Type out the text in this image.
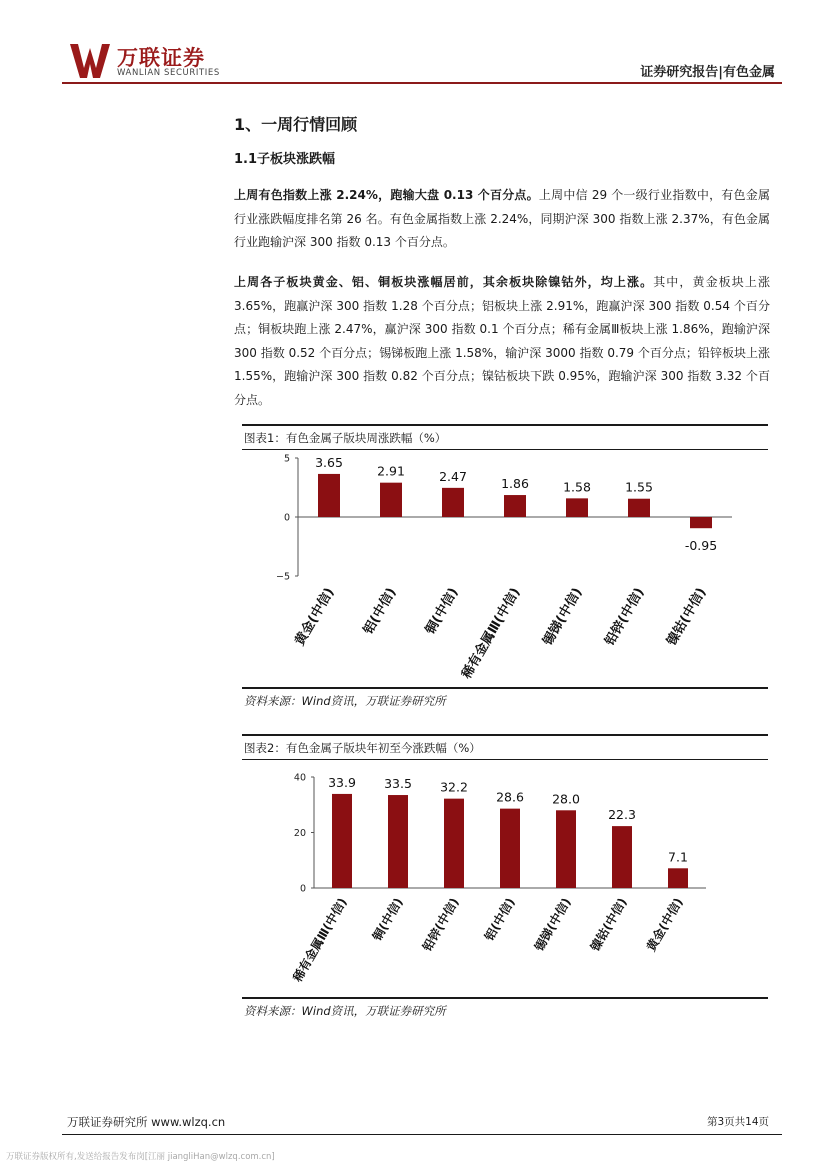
万联证券
WANLIAN SECURITIES	证券研究报告|有色金属
1、一周行情回顾
1.1子板块涨跌幅
上周有色指数上涨 2.24%，跑输大盘 0.13 个百分点。上周中信 29 个一级行业指数中，有色金属行业涨跌幅度排名第 26 名。有色金属指数上涨 2.24%，同期沪深 300 指数上涨 2.37%，有色金属行业跑输沪深 300 指数 0.13 个百分点。
上周各子板块黄金、铝、铜板块涨幅居前，其余板块除镍钴外，均上涨。其中，黄金板块上涨 3.65%，跑赢沪深 300 指数 1.28 个百分点；铝板块上涨 2.91%，跑赢沪深 300 指数 0.54 个百分点；铜板块跑上涨 2.47%，赢沪深 300 指数 0.1 个百分点；稀有金属Ⅲ板块上涨 1.86%，跑输沪深 300 指数 0.52 个百分点；锡锑板跑上涨 1.58%，输沪深 3000 指数 0.79 个百分点；铅锌板块上涨 1.55%，跑输沪深 300 指数 0.82 个百分点；镍钴板块下跌 0.95%，跑输沪深 300 指数 3.32 个百分点。
图表1：有色金属子版块周涨跌幅（%）
5
0
−5
3.65
黄金(中信)
2.91
铝(中信)
2.47
铜(中信)
1.86
稀有金属Ⅲ(中信)
1.58
锡锑(中信)
1.55
铅锌(中信)
-0.95
镍钴(中信)
资料来源：Wind资讯，万联证券研究所
图表2：有色金属子版块年初至今涨跌幅（%）
40
20
0
33.9
稀有金属Ⅲ(中信)
33.5
铜(中信)
32.2
铅锌(中信)
28.6
铝(中信)
28.0
锡锑(中信)
22.3
镍钴(中信)
7.1
黄金(中信)
资料来源：Wind资讯，万联证券研究所
万联证券研究所 www.wlzq.cn	第3页共14页
万联证券版权所有,发送给报告发布岗[江丽 jiangliHan@wlzq.com.cn]
